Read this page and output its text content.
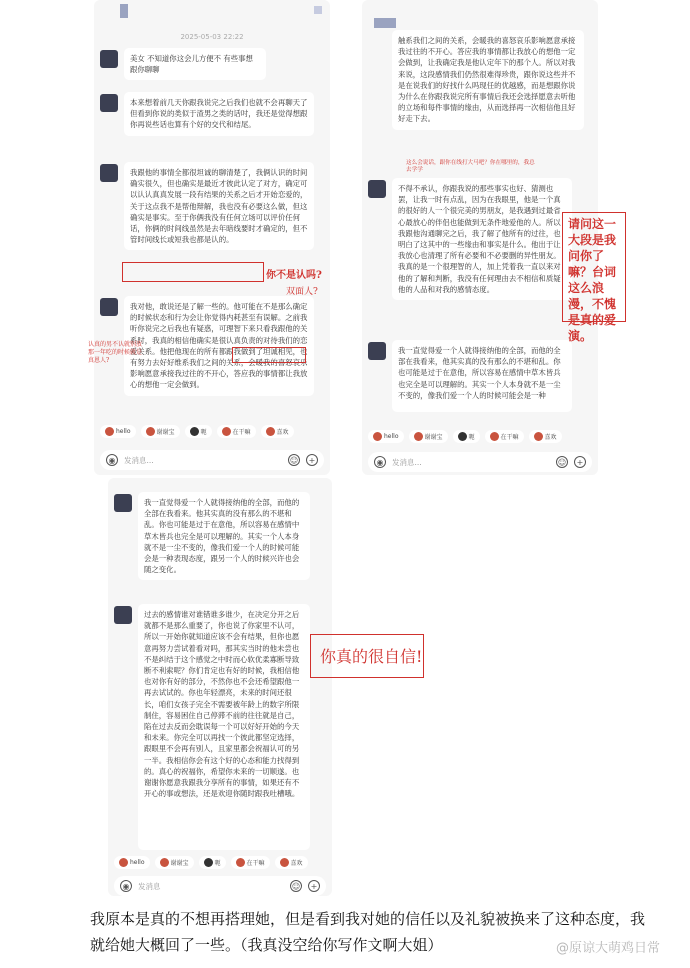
2025-05-03 22:22
美女 不知道你这会儿方便不 有些事想跟你聊聊
本来想着前几天你跟我说完之后我们也就不会再聊天了 但看到你说的类似于渣男之类的话吋，我还是觉得想跟你再说些话也算有个好的交代和结尾。
我跟他的事情全都很坦诚的聊清楚了，我俩认识的时间确实很久，但也确实是最近才彼此认定了对方，确定可以认认真真发展一段有结果的关系之后才开始恋爱的，关于这点我不是帮他辩解，我也没有必要这么做，但这确实是事实。至于你俩我没有任何立场可以评价任何话，你俩的时间线虽然是去年暗线要时才确定的，但不管时间线长或短我也都是认的。
我对他，敢说还是了解一些的。他可能在不是那么确定的时候状态和行为会让你觉得内耗甚至有误解。之前我听你说完之后我也有疑惑，可理智下来只看我跟他的关系时，我真的相信他确实是很认真负责的对待我们的恋爱关系。他把他现在的所有都跟我做到了坦诚相见，也有努力去好好维系我们之间的关系，会暖我的喜怒哀乐影响愿意承接我过往的不开心，答应我的事情都让我放心的想他一定会做到。
hello	谢谢宝	呃	在干嘛	喜欢
◉	发消息...	☺	+
触系我们之间的关系，会暖我的喜怒哀乐影响愿意承接我过往的不开心。答应我的事情都让我放心的想他一定会做到，让我确定我是他认定年下的那个人。所以对我来说，这段感情我们仍然很难得珍贵，跟你说这些并不是在说我们的好找什么吗现任的优越感，而是想跟你说为什么在你跟我说完所有事情后我还会选择愿意去听他的立场和每件事情的缘由，从而选择再一次相信他且好好走下去。
不得不承认，你跟我说的那些事实也好、猜测也罢，让我一时有点乱，因为在我眼里，他是一个真的很好的人一个很完美的男朋友，是我遇到过最省心最放心的伴侣也能做到无条件地爱他的人。所以我跟他沟通聊完之后，我了解了他所有的过往，也明白了这其中的一些缘由和事实是什么。他出于让我放心也清理了所有必要和不必要删的异性朋友。我真的是一个很理智的人，加上凭着我一直以来对他的了解和判断，我没有任何理由去不相信和质疑他的人品和对我的感情态度。
我一直觉得爱一个人就得接纳他的全部，而他的全部在我看来，他其实真的没有那么的不堪和乱。你也可能是过于在意他，所以容易在感情中草木皆兵也完全是可以理解的。其实一个人本身就不是一尘不变的，像我们爱一个人的时候可能会是一种
hello	谢谢宝	呃	在干嘛	喜欢
◉	发消息...	☺	+
我一直觉得爱一个人就得接纳他的全部，而他的全部在我看来。他其实真的没有那么的不堪和乱。你也可能是过于在意他，所以容易在感情中草木皆兵也完全是可以理解的。其实一个人本身就不是一尘不变的，像我们爱一个人的时候可能会是一种表现态度，跟另一个人的时候兴许也会随之变化。
过去的感情谁对谁错谁多谁少，在决定分开之后就都不是那么重要了，你也说了你家里不认可，所以一开始你就知道应该不会有结果，但你也愿意再努力尝试着看对吗，那其实当时的他未尝也不是纠结于这个感觉之中时而心软优柔寡断导致断不利索呢？你们肯定也有好的时候，我相信他也对你有好的部分，不然你也不会还希望跟他一再去试试的。你也年轻漂亮，未来的时间还很长，咱们女孩子完全不需要被年龄上的数字所限制住，容易困住自己停滞不前的往往就是自己，陷在过去反而会耽误每一个可以好好开始的今天和未来。你完全可以再找一个彼此都坚定选择，跟眼里不会再有别人，且家里都会祝福认可的另一半。我相信你会有这个好的心态和能力找得到的。真心的祝福你，希望你未来的一切顺遂。也谢谢你愿意我跟我分享所有的事情，如果还有不开心的事或想法，还是欢迎你随时跟我吐槽哦。
hello	谢谢宝	呃	在干嘛	喜欢
◉	发消息	☺	+
你不是认吗?
双面人?
认真的男不认就别放那一年吃的时候就是真恩人?
这么会说话，跟你在线打大马吧？你在哪里的，我总去学学
请问这一大段是我问你了嘛？台词这么浪漫，不愧是真的爱演。
你真的很自信!
我原本是真的不想再搭理她，但是看到我对她的信任以及礼貌被换来了这种态度，我就给她大概回了一些。（我真没空给你写作文啊大姐）	@原谅大萌鸡日常
